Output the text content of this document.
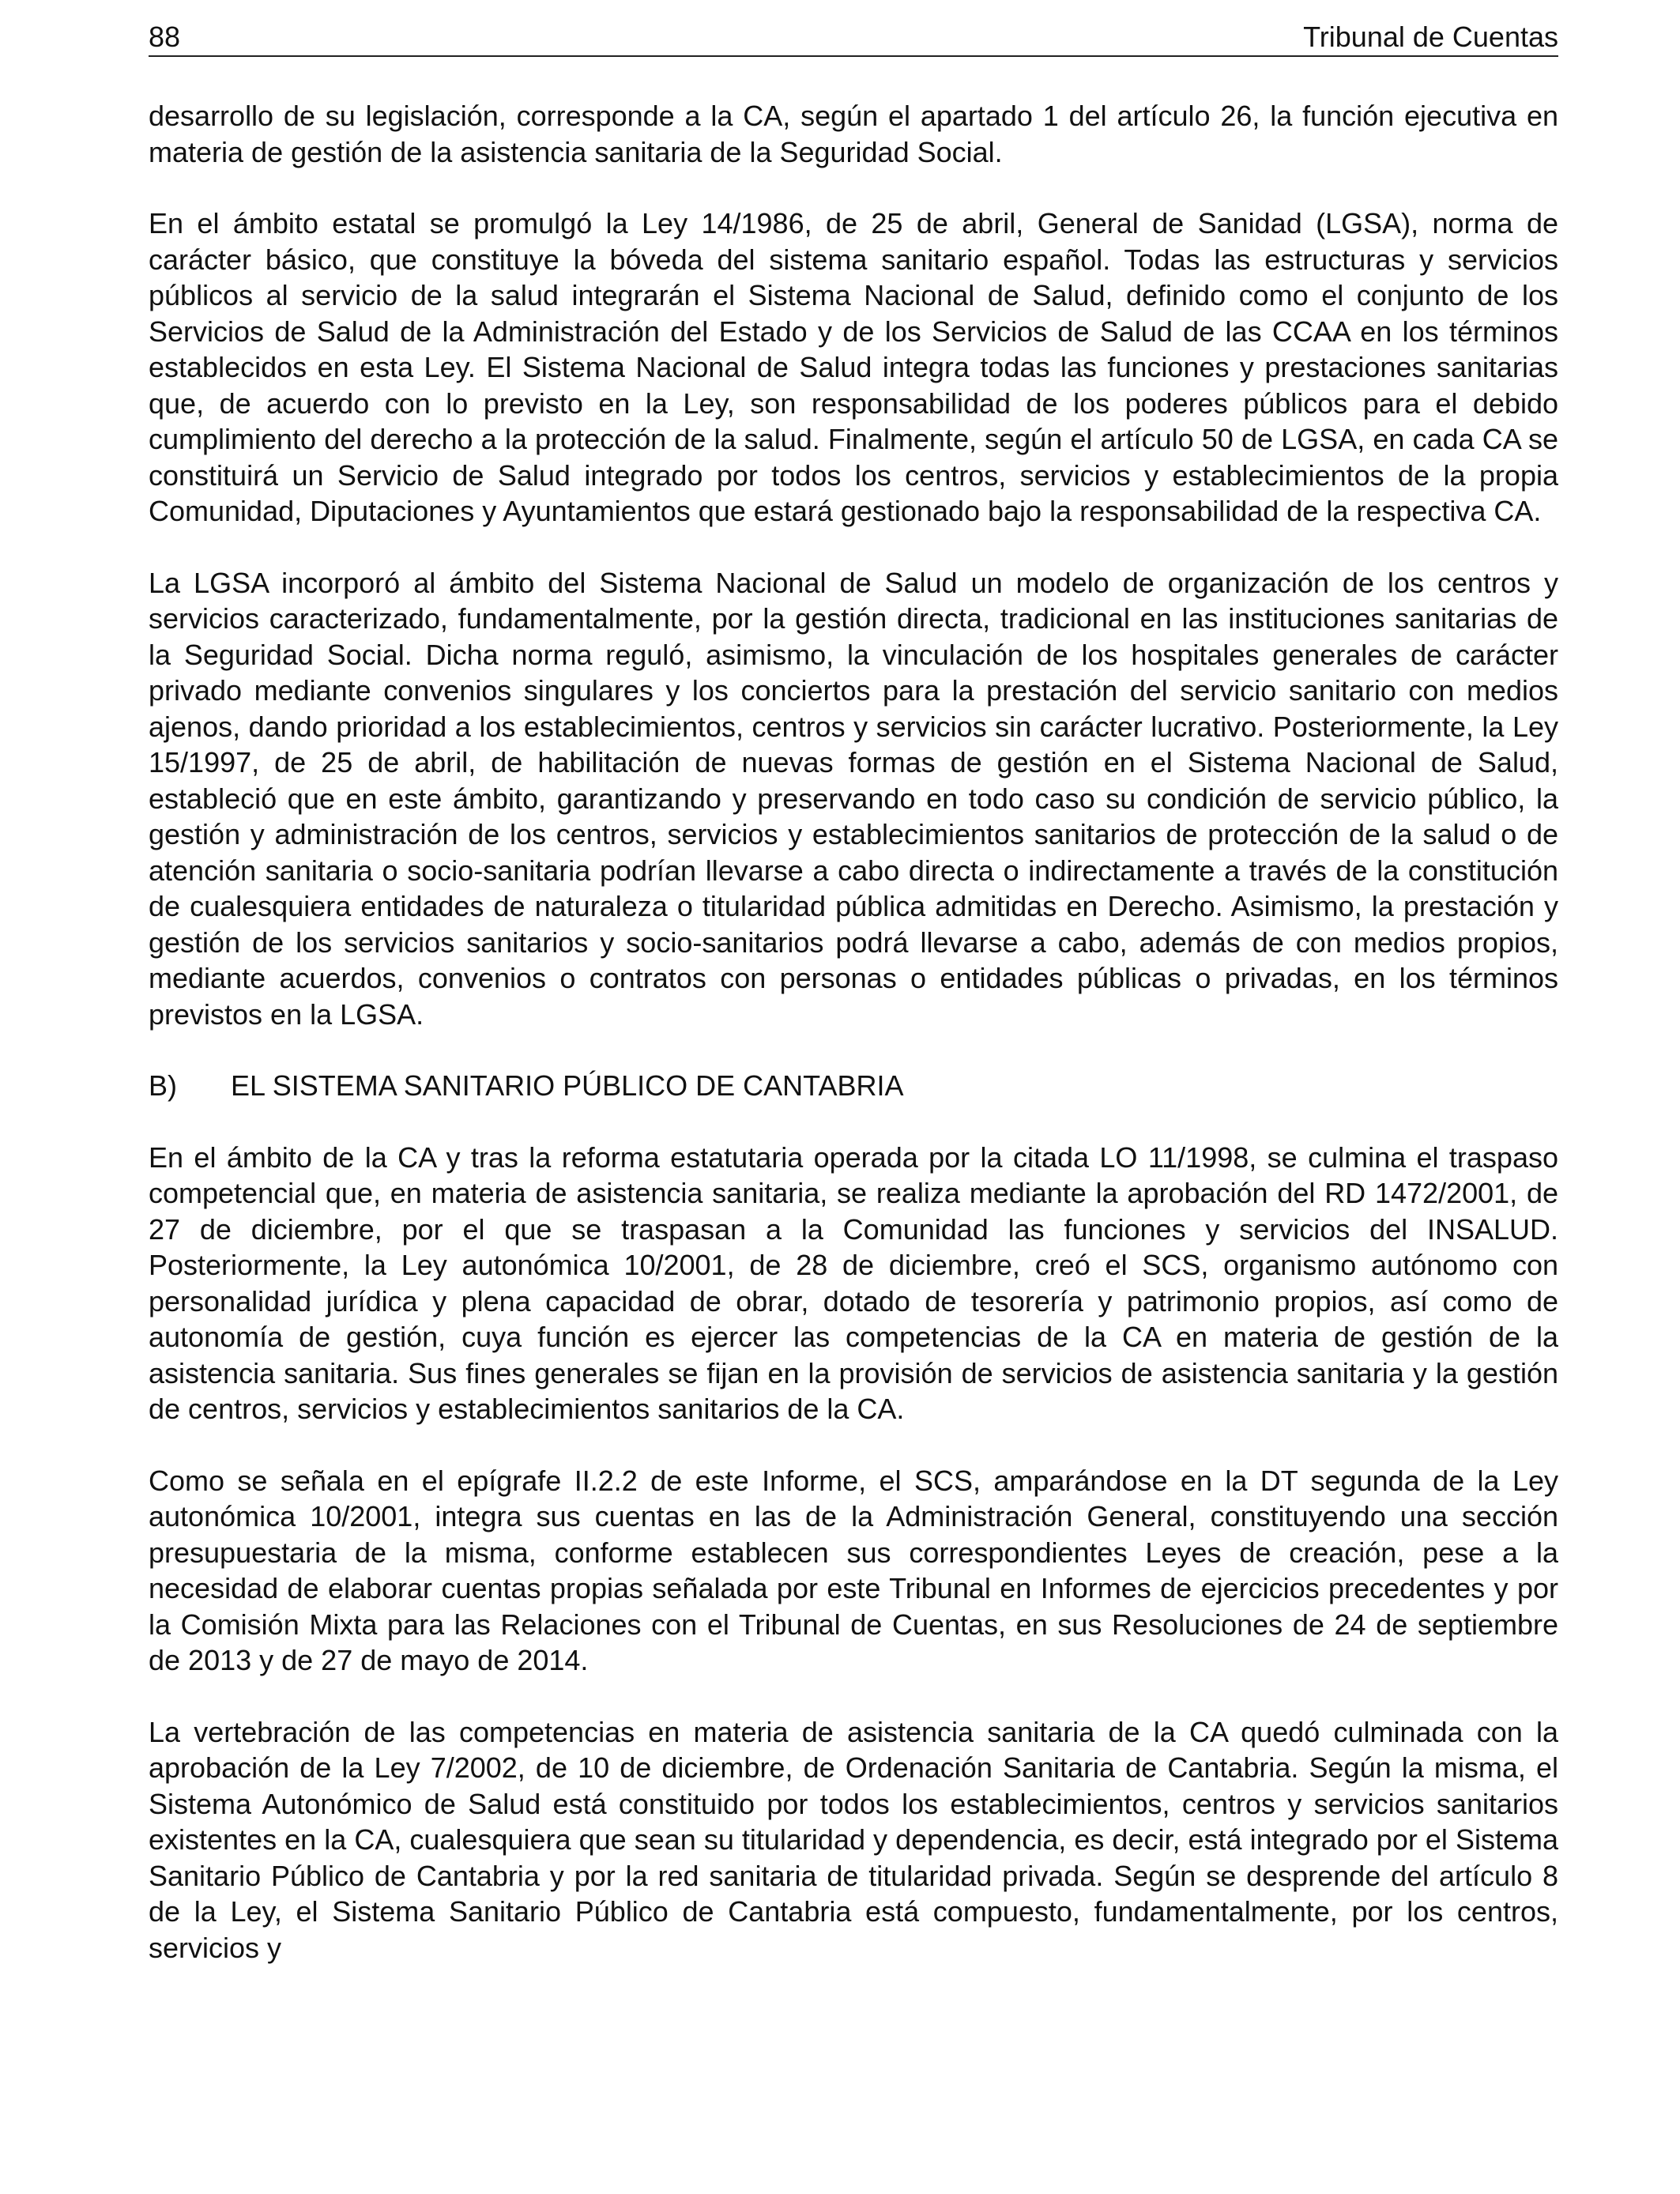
88	Tribunal de Cuentas

desarrollo de su legislación, corresponde a la CA, según el apartado 1 del artículo 26, la función ejecutiva en materia de gestión de la asistencia sanitaria de la Seguridad Social.

En el ámbito estatal se promulgó la Ley 14/1986, de 25 de abril, General de Sanidad (LGSA), norma de carácter básico, que constituye la bóveda del sistema sanitario español. Todas las estructuras y servicios públicos al servicio de la salud integrarán el Sistema Nacional de Salud, definido como el conjunto de los Servicios de Salud de la Administración del Estado y de los Servicios de Salud de las CCAA en los términos establecidos en esta Ley. El Sistema Nacional de Salud integra todas las funciones y prestaciones sanitarias que, de acuerdo con lo previsto en la Ley, son responsabilidad de los poderes públicos para el debido cumplimiento del derecho a la protección de la salud. Finalmente, según el artículo 50 de LGSA, en cada CA se constituirá un Servicio de Salud integrado por todos los centros, servicios y establecimientos de la propia Comunidad, Diputaciones y Ayuntamientos que estará gestionado bajo la responsabilidad de la respectiva CA.

La LGSA incorporó al ámbito del Sistema Nacional de Salud un modelo de organización de los centros y servicios caracterizado, fundamentalmente, por la gestión directa, tradicional en las instituciones sanitarias de la Seguridad Social. Dicha norma reguló, asimismo, la vinculación de los hospitales generales de carácter privado mediante convenios singulares y los conciertos para la prestación del servicio sanitario con medios ajenos, dando prioridad a los establecimientos, centros y servicios sin carácter lucrativo. Posteriormente, la Ley 15/1997, de 25 de abril, de habilitación de nuevas formas de gestión en el Sistema Nacional de Salud, estableció que en este ámbito, garantizando y preservando en todo caso su condición de servicio público, la gestión y administración de los centros, servicios y establecimientos sanitarios de protección de la salud o de atención sanitaria o socio-sanitaria podrían llevarse a cabo directa o indirectamente a través de la constitución de cualesquiera entidades de naturaleza o titularidad pública admitidas en Derecho. Asimismo, la prestación y gestión de los servicios sanitarios y socio-sanitarios podrá llevarse a cabo, además de con medios propios, mediante acuerdos, convenios o contratos con personas o entidades públicas o privadas, en los términos previstos en la LGSA.

B)	EL SISTEMA SANITARIO PÚBLICO DE CANTABRIA

En el ámbito de la CA y tras la reforma estatutaria operada por la citada LO 11/1998, se culmina el traspaso competencial que, en materia de asistencia sanitaria, se realiza mediante la aprobación del RD 1472/2001, de 27 de diciembre, por el que se traspasan a la Comunidad las funciones y servicios del INSALUD. Posteriormente, la Ley autonómica 10/2001, de 28 de diciembre, creó el SCS, organismo autónomo con personalidad jurídica y plena capacidad de obrar, dotado de tesorería y patrimonio propios, así como de autonomía de gestión, cuya función es ejercer las competencias de la CA en materia de gestión de la asistencia sanitaria. Sus fines generales se fijan en la provisión de servicios de asistencia sanitaria y la gestión de centros, servicios y establecimientos sanitarios de la CA.

Como se señala en el epígrafe II.2.2 de este Informe, el SCS, amparándose en la DT segunda de la Ley autonómica 10/2001, integra sus cuentas en las de la Administración General, constituyendo una sección presupuestaria de la misma, conforme establecen sus correspondientes Leyes de creación, pese a la necesidad de elaborar cuentas propias señalada por este Tribunal en Informes de ejercicios precedentes y por la Comisión Mixta para las Relaciones con el Tribunal de Cuentas, en sus Resoluciones de 24 de septiembre de 2013 y de 27 de mayo de 2014.

La vertebración de las competencias en materia de asistencia sanitaria de la CA quedó culminada con la aprobación de la Ley 7/2002, de 10 de diciembre, de Ordenación Sanitaria de Cantabria. Según la misma, el Sistema Autonómico de Salud está constituido por todos los establecimientos, centros y servicios sanitarios existentes en la CA, cualesquiera que sean su titularidad y dependencia, es decir, está integrado por el Sistema Sanitario Público de Cantabria y por la red sanitaria de titularidad privada. Según se desprende del artículo 8 de la Ley, el Sistema Sanitario Público de Cantabria está compuesto, fundamentalmente, por los centros, servicios y
